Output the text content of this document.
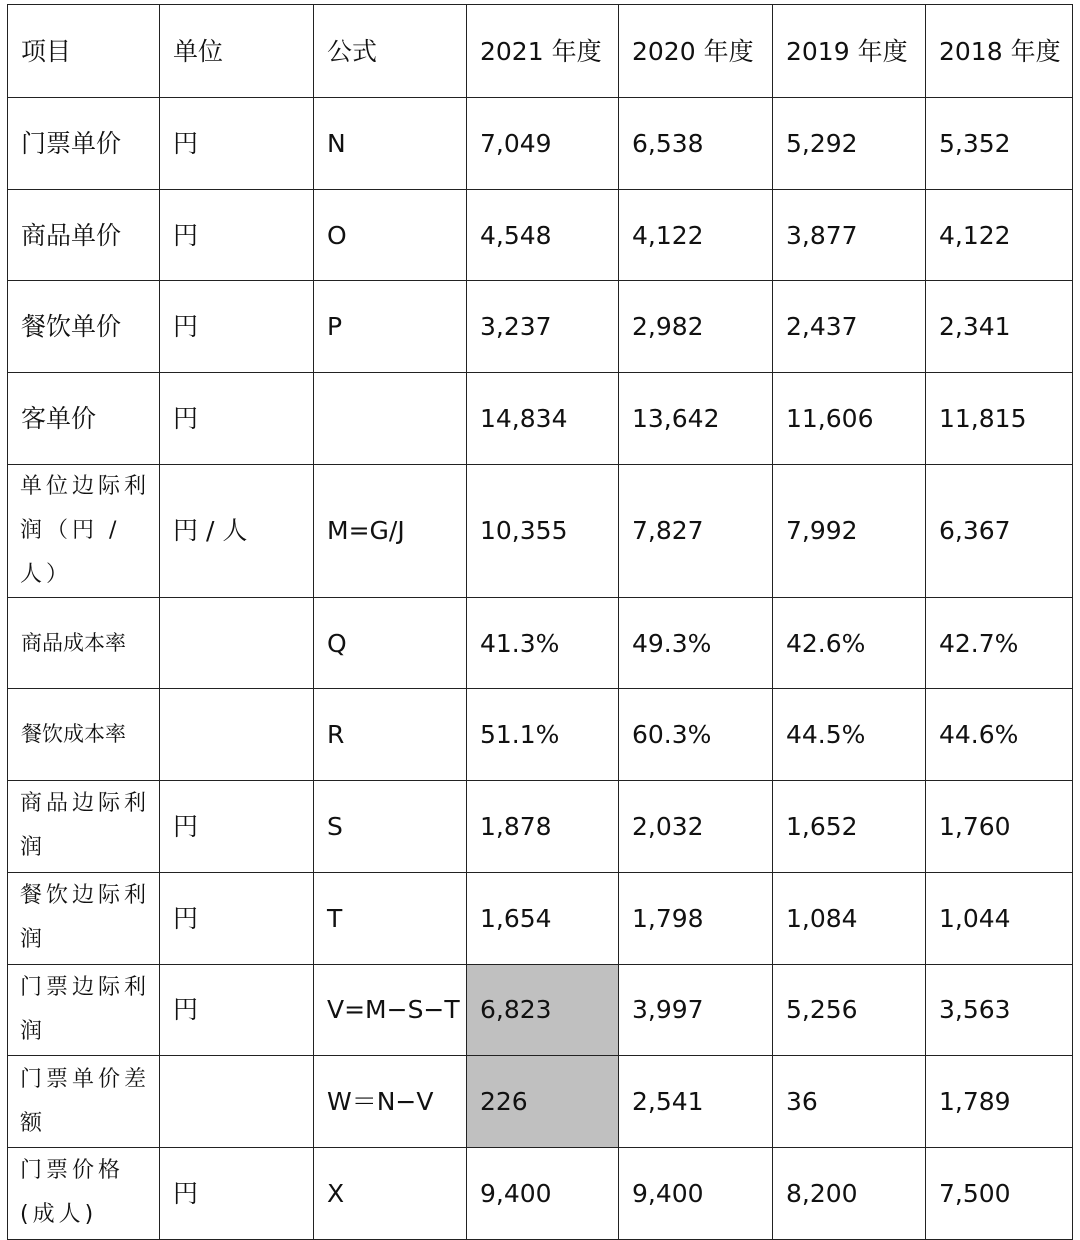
项目	单位	公式	2021 年度	2020 年度	2019 年度	2018 年度
门票单价	円	N	7,049	6,538	5,292	5,352
商品单价	円	O	4,548	4,122	3,877	4,122
餐饮单价	円	P	3,237	2,982	2,437	2,341
客单价	円		14,834	13,642	11,606	11,815
单位边际利润（円 / 人）	円 / 人	M=G/J	10,355	7,827	7,992	6,367
商品成本率		Q	41.3%	49.3%	42.6%	42.7%
餐饮成本率		R	51.1%	60.3%	44.5%	44.6%
商品边际利润	円	S	1,878	2,032	1,652	1,760
餐饮边际利润	円	T	1,654	1,798	1,084	1,044
门票边际利润	円	V=M−S−T	6,823	3,997	5,256	3,563
门票单价差额		W＝N−V	226	2,541	36	1,789
门票价格(成人)	円	X	9,400	9,400	8,200	7,500
